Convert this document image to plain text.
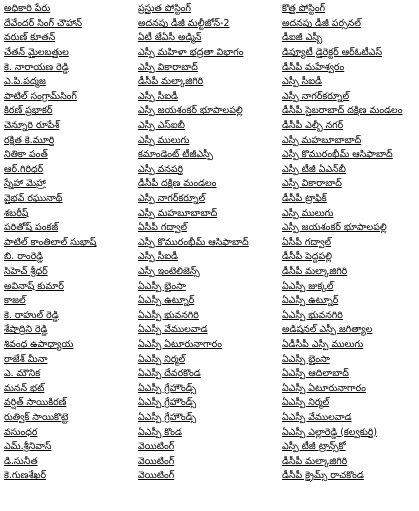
అధికారి పేరు	ప్రస్తుత పోస్టింగ్	కొత్త పోస్టింగ్
దేవేందర్ సింగ్ చౌహాన్	అదనపు డీజీ మల్టీజోన్-2	అదనపు డీజీ పర్సనల్
వరుణ్ కూతన్	ఏటీ జేఏసీ అడ్మిన్	డీఐజీ ఎస్బీ
చేతన్ మైలబత్తుల	ఎస్పీ మహిళా భద్రతా విభాగం	డిప్యూటీ డైరెక్టర్ ఆర్ఓటీఎస్
కె. నారాయణ రెడ్డి	ఎస్పీ వికారాబాద్	డీసీపీ మహేశ్వరం
ఎ.పి.పద్మజ	డీసీపీ మల్కాజిగిరి	ఎస్పీ సీఐడీ
పాటిల్ సంగ్రామ్‌సింగ్	ఎస్పీ సీఐడీ	ఎస్పీ నాగర్‌కర్నూల్
కిరణ్ ప్రభాకర్	ఎస్పీ జయశంకర్ భూపాలపల్లి	డీసీపీ సైబరాబాద్ దక్షిణ మండలం
చెన్నూరి రూపేశ్	ఎస్పీ ఎస్ఐబీ	డీసీపీ ఎల్బీ నగర్
రక్షిత కె.మూర్తి	ఎస్పీ ములుగు	ఎస్పీ మహబూబాబాద్
నితికా పంత్	కమాండెంట్ టీజీఎస్పీ	ఎస్పీ కొమురంభీమ్ ఆసిఫాబాద్
ఆర్.గిరిధర్	ఎస్పీ వనపర్తి	ఎస్పీ టీజీ ఏఎన్‌బీ
స్నేహా మెహ్రా	డీసీపీ దక్షిణ మండలం	ఎస్పీ వికారాబాద్
వైభవ్ రఘునాథ్	ఎస్పీ నాగర్‌కర్నూల్	డీసీపీ ట్రాఫిక్
శబరీష్	ఎస్పీ మహబూబాబాద్	ఎస్పీ ములుగు
పరితోష్ పంకజ్	ఏసీపీ గద్వాల్	ఎస్పీ జయశంకర్ భూపాలపల్లి
పాటిల్ కాంతిలాల్ సుభాష్	ఎస్పీ కొమురంభీమ్ ఆసిఫాబాద్	ఏసీపీ గద్వాల్
బి. రాంరెడ్డి	ఎస్పీ సీఐడీ	డీసీపీ పెద్దపల్లి
సిహెచ్ శ్రీధర్	ఎస్పీ ఇంటెలిజెన్స్	డీసీపీ మల్కాజిగిరి
అవినాష్ కుమార్	ఏఎస్పీ భైంసా	ఏఎస్పీ జుక్కల్
కాజల్	ఏఎస్పీ ఉట్నూర్	ఏఎస్పీ ఉట్నూర్
కె. రాహుల్ రెడ్డి	ఏఎస్పీ భువనగిరి	ఏఎస్పీ భువనగిరి
శేషాద్రిని రెడ్డి	ఏఎస్పీ వేములవాడ	అడిషనల్ ఎస్పీ జగిత్యాల
శివంధ ఉపాధ్యాయ	ఏఎస్పీ ఏటూరునాగారం	ఏడీసీపీ ఎస్పీ ములుగు
రాజేశ్ మీనా	ఏఎస్పీ నిర్మల్	ఏఎస్పీ భైంసా
ఎ. మౌనిక	ఏఎస్పీ దేవరకొండ	ఏఎస్పీ ఆదిలాబాద్
మనన్ భట్	ఏఎస్పీ గ్రేహౌండ్స్	ఏఎస్పీ ఏటూరునాగారం
వర్షిత్ సాయికిరణ్	ఏఎస్పీ గ్రేహౌండ్స్	ఏఎస్పీ నిర్మల్
రుత్విక్ సాయికొట్టె	ఏఎస్పీ గ్రేహౌండ్స్	ఏఎస్పీ వేములవాడ
వసుంధర	ఏఎస్పీ కొండ	ఏఎస్పీ ఎల్లారెడ్డి (కల్వకుర్తి)
ఎమ్.శ్రీనివాస్	వెయిటింగ్	ఎస్పీ టీజీ ట్రాన్స్‌కో
డి.సునీత	వెయిటింగ్	డీసీపీ మల్కాజిగిరి
కె.గుణశేఖర్	వెయిటింగ్	డీసీపీ క్రైమ్స్ రాచకొండ
